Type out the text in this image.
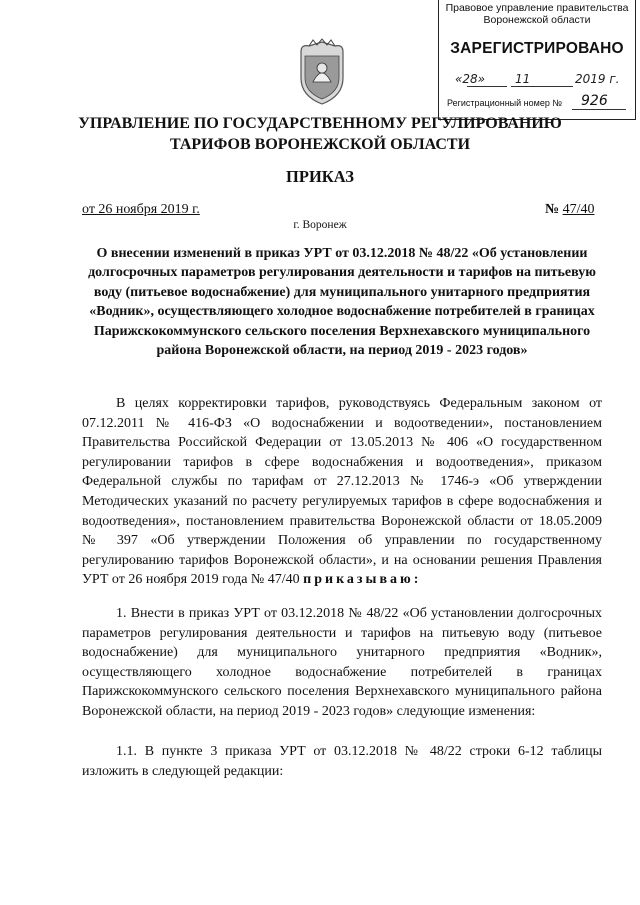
Правовое управление правительства
Воронежской области
ЗАРЕГИСТРИРОВАНО
«28» 11	2019 г.
Регистрационный номер № 926
УПРАВЛЕНИЕ ПО ГОСУДАРСТВЕННОМУ РЕГУЛИРОВАНИЮ
ТАРИФОВ ВОРОНЕЖСКОЙ ОБЛАСТИ
ПРИКАЗ
от 26 ноября 2019 г.	№ 47/40
г. Воронеж

О внесении изменений в приказ УРТ от 03.12.2018 № 48/22 «Об установлении долгосрочных параметров регулирования деятельности и тарифов на питьевую воду (питьевое водоснабжение) для муниципального унитарного предприятия «Водник», осуществляющего холодное водоснабжение потребителей в границах Парижскокоммунского сельского поселения Верхнехавского муниципального района Воронежской области, на период 2019 - 2023 годов»

В целях корректировки тарифов, руководствуясь Федеральным законом от 07.12.2011 № 416-ФЗ «О водоснабжении и водоотведении», постановлением Правительства Российской Федерации от 13.05.2013 № 406 «О государственном регулировании тарифов в сфере водоснабжения и водоотведения», приказом Федеральной службы по тарифам от 27.12.2013 № 1746-э «Об утверждении Методических указаний по расчету регулируемых тарифов в сфере водоснабжения и водоотведения», постановлением правительства Воронежской области от 18.05.2009 № 397 «Об утверждении Положения об управлении по государственному регулированию тарифов Воронежской области», и на основании решения Правления УРТ от 26 ноября 2019 года № 47/40 приказываю:

1. Внести в приказ УРТ от 03.12.2018 № 48/22 «Об установлении долгосрочных параметров регулирования деятельности и тарифов на питьевую воду (питьевое водоснабжение) для муниципального унитарного предприятия «Водник», осуществляющего холодное водоснабжение потребителей в границах Парижскокоммунского сельского поселения Верхнехавского муниципального района Воронежской области, на период 2019 - 2023 годов» следующие изменения:

1.1. В пункте 3 приказа УРТ от 03.12.2018 № 48/22 строки 6-12 таблицы изложить в следующей редакции:
